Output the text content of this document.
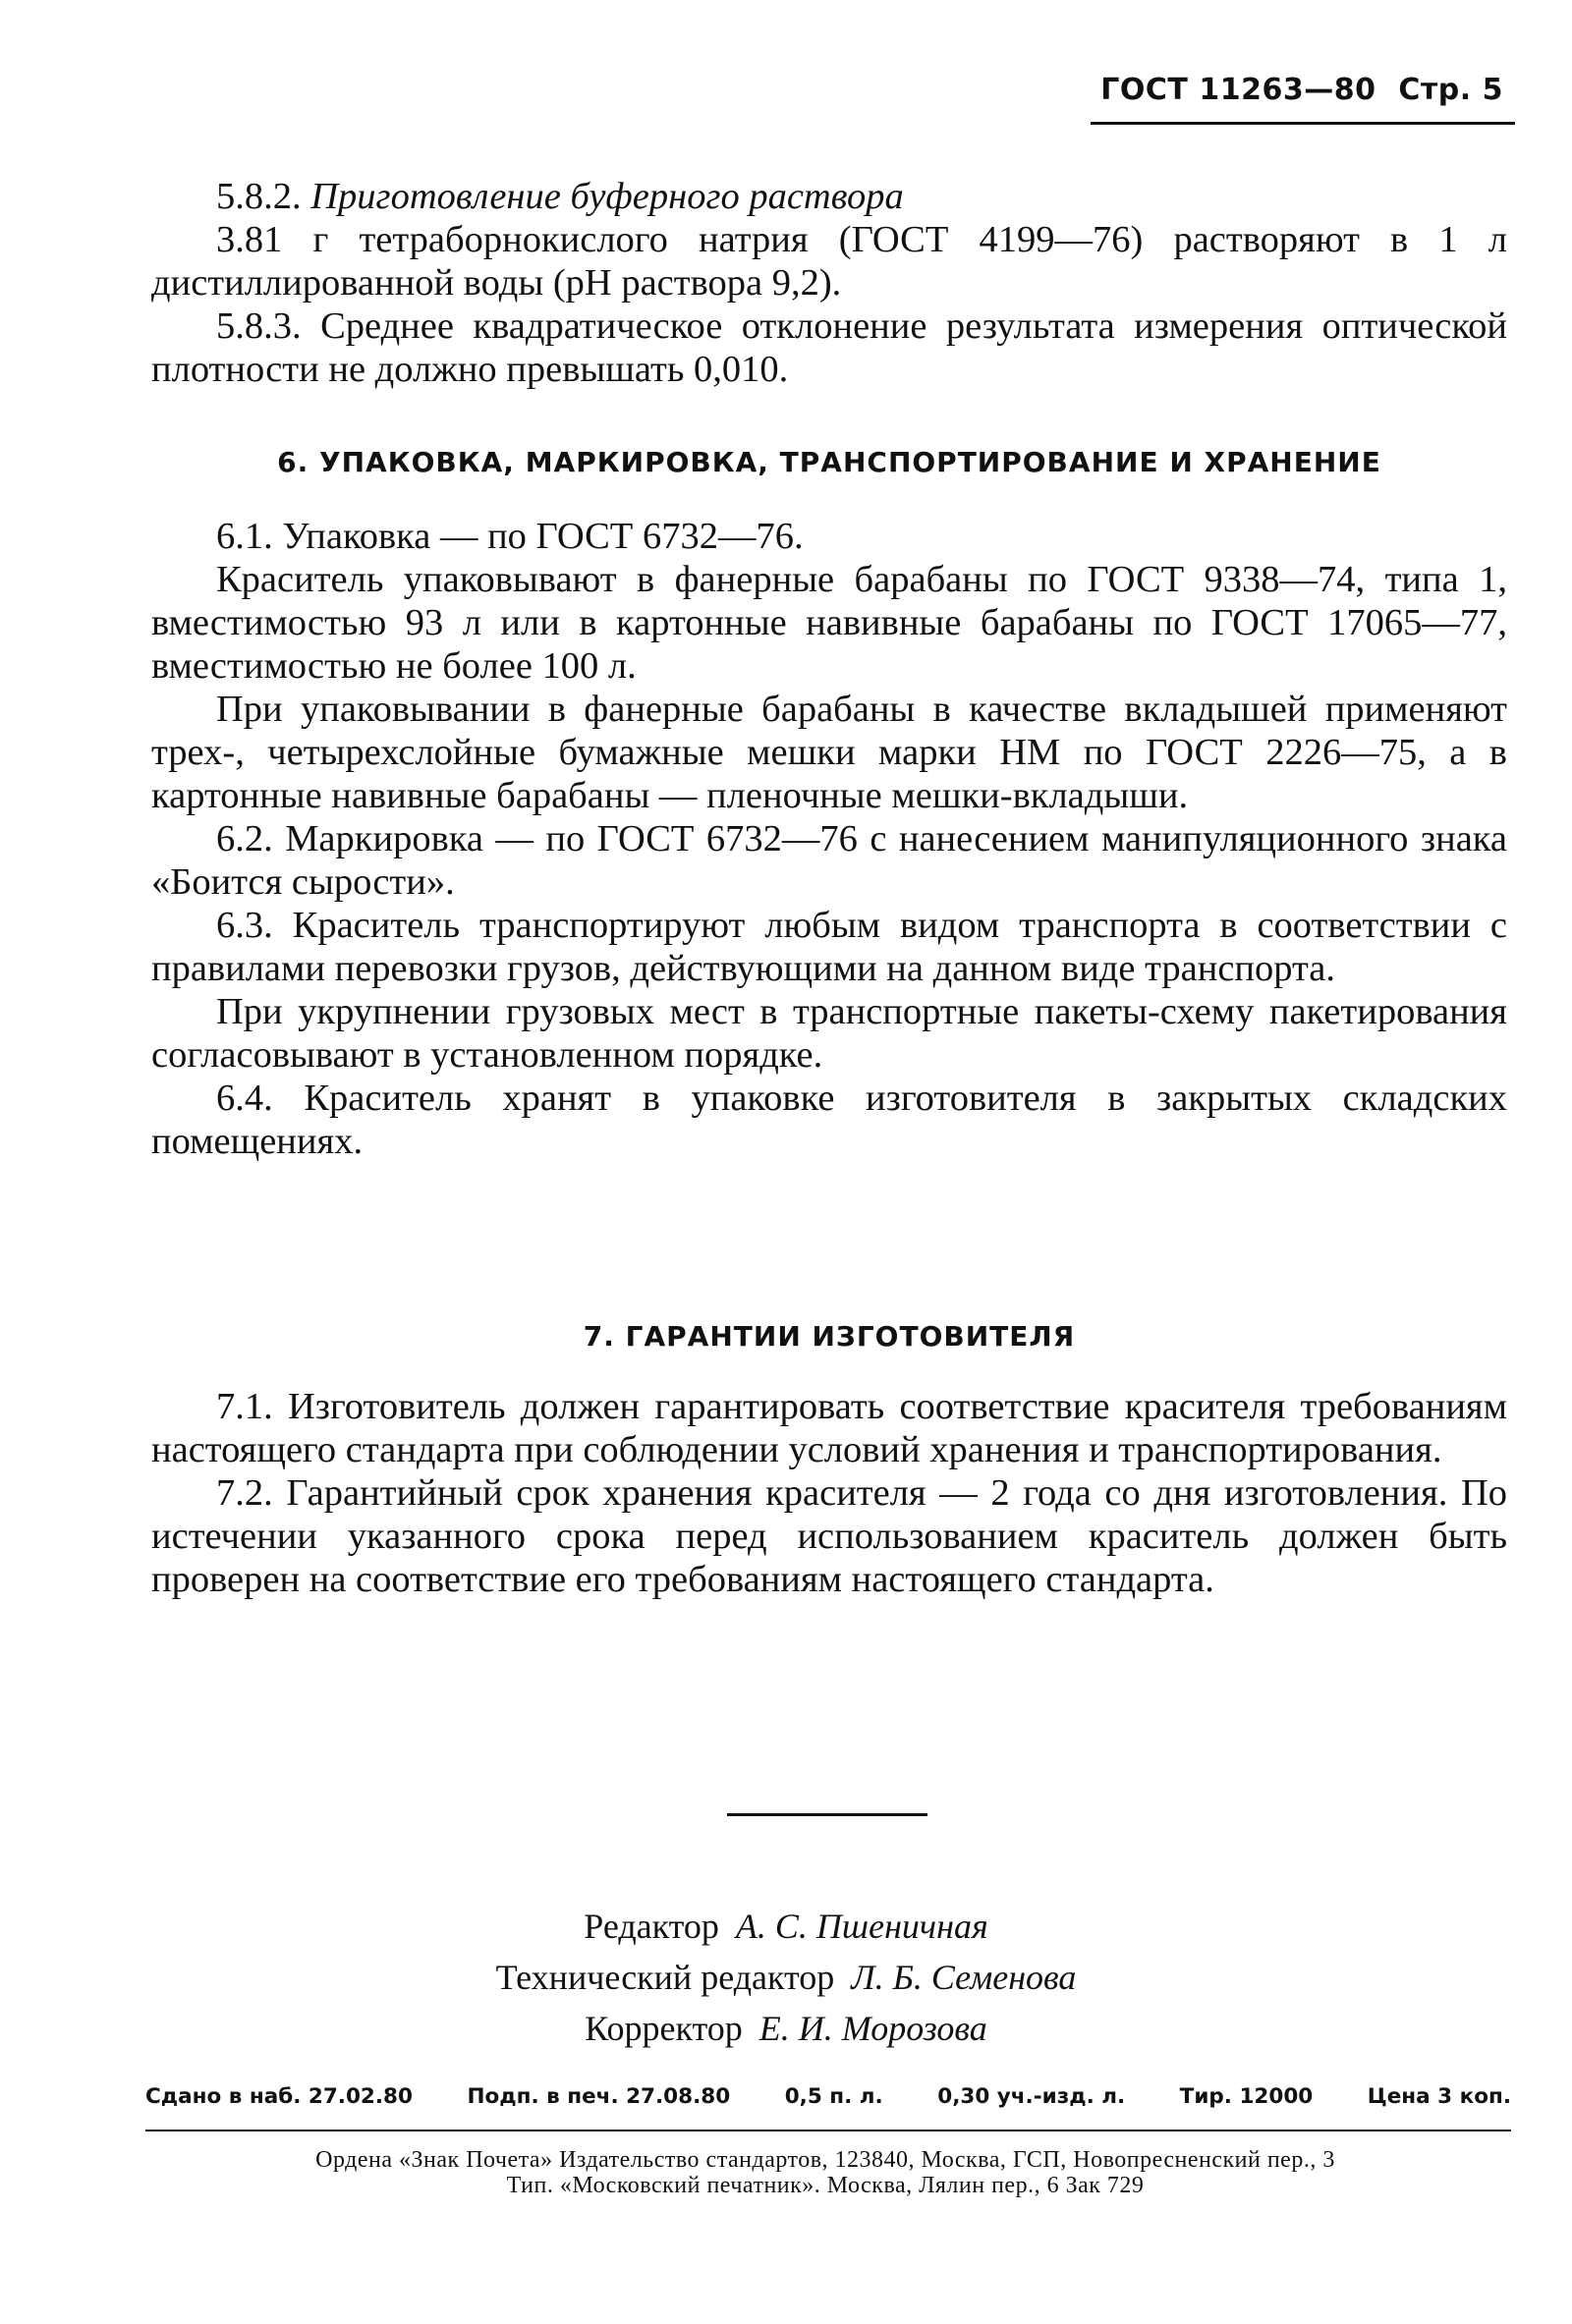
ГОСТ 11263—80 Стр. 5

5.8.2. Приготовление буферного раствора

3.81 г тетраборнокислого натрия (ГОСТ 4199—76) растворяют в 1 л дистиллированной воды (pH раствора 9,2).

5.8.3. Среднее квадратическое отклонение результата измерения оптической плотности не должно превышать 0,010.

6. УПАКОВКА, МАРКИРОВКА, ТРАНСПОРТИРОВАНИЕ И ХРАНЕНИЕ

6.1. Упаковка — по ГОСТ 6732—76.

Краситель упаковывают в фанерные барабаны по ГОСТ 9338—74, типа 1, вместимостью 93 л или в картонные навивные барабаны по ГОСТ 17065—77, вместимостью не более 100 л.

При упаковывании в фанерные барабаны в качестве вкладышей применяют трех-, четырехслойные бумажные мешки марки НМ по ГОСТ 2226—75, а в картонные навивные барабаны — пленочные мешки-вкладыши.

6.2. Маркировка — по ГОСТ 6732—76 с нанесением манипуляционного знака «Боится сырости».

6.3. Краситель транспортируют любым видом транспорта в соответствии с правилами перевозки грузов, действующими на данном виде транспорта.

При укрупнении грузовых мест в транспортные пакеты-схему пакетирования согласовывают в установленном порядке.

6.4. Краситель хранят в упаковке изготовителя в закрытых складских помещениях.

7. ГАРАНТИИ ИЗГОТОВИТЕЛЯ

7.1. Изготовитель должен гарантировать соответствие красителя требованиям настоящего стандарта при соблюдении условий хранения и транспортирования.

7.2. Гарантийный срок хранения красителя — 2 года со дня изготовления. По истечении указанного срока перед использованием краситель должен быть проверен на соответствие его требованиям настоящего стандарта.

Редактор А. С. Пшеничная
Технический редактор Л. Б. Семенова
Корректор Е. И. Морозова
Сдано в наб. 27.02.80	Подп. в печ. 27.08.80	0,5 п. л.	0,30 уч.-изд. л.	Тир. 12000	Цена 3 коп.
Ордена «Знак Почета» Издательство стандартов, 123840, Москва, ГСП, Новопресненский пер., 3
Тип. «Московский печатник». Москва, Лялин пер., 6 Зак 729
